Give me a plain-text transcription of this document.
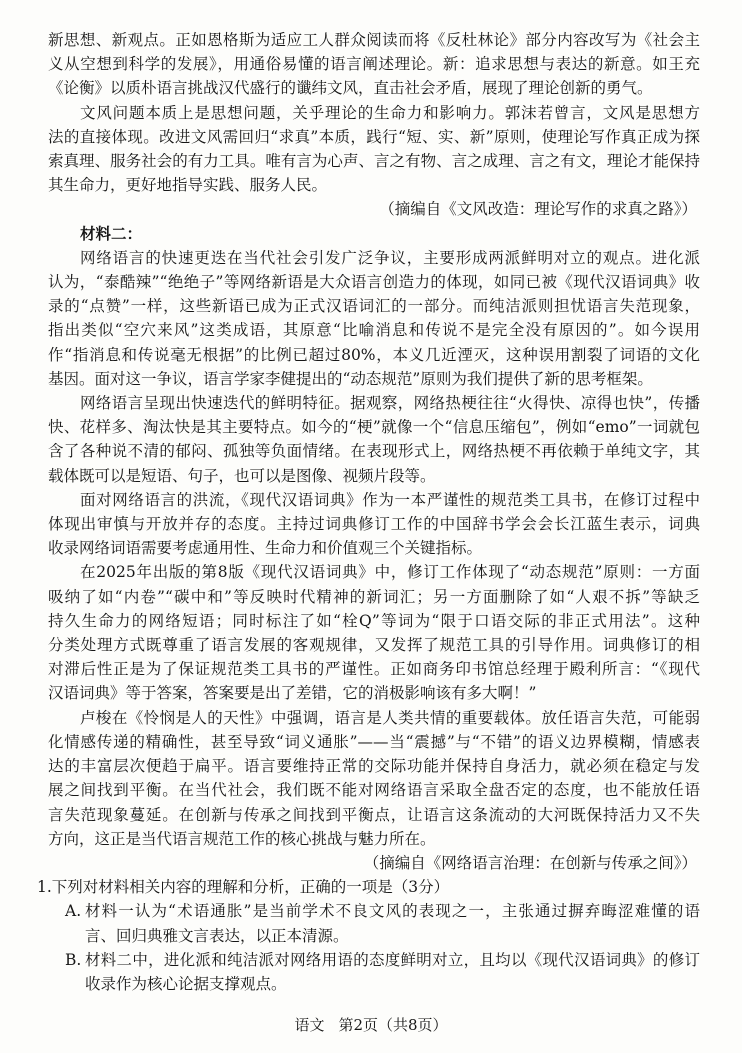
新思想、新观点。正如恩格斯为适应工人群众阅读而将《反杜林论》部分内容改写为《社会主
义从空想到科学的发展》，用通俗易懂的语言阐述理论。新：追求思想与表达的新意。如王充
《论衡》以质朴语言挑战汉代盛行的谶纬文风，直击社会矛盾，展现了理论创新的勇气。
文风问题本质上是思想问题，关乎理论的生命力和影响力。郭沫若曾言，文风是思想方
法的直接体现。改进文风需回归“求真”本质，践行“短、实、新”原则，使理论写作真正成为探
索真理、服务社会的有力工具。唯有言为心声、言之有物、言之成理、言之有文，理论才能保持
其生命力，更好地指导实践、服务人民。
（摘编自《文风改造：理论写作的求真之路》）
材料二：
网络语言的快速更迭在当代社会引发广泛争议，主要形成两派鲜明对立的观点。进化派
认为，“泰酷辣”“绝绝子”等网络新语是大众语言创造力的体现，如同已被《现代汉语词典》收
录的“点赞”一样，这些新语已成为正式汉语词汇的一部分。而纯洁派则担忧语言失范现象，
指出类似“空穴来风”这类成语，其原意“比喻消息和传说不是完全没有原因的”。如今误用
作“指消息和传说毫无根据”的比例已超过80%，本义几近湮灭，这种误用割裂了词语的文化
基因。面对这一争议，语言学家李健提出的“动态规范”原则为我们提供了新的思考框架。
网络语言呈现出快速迭代的鲜明特征。据观察，网络热梗往往“火得快、凉得也快”，传播
快、花样多、淘汰快是其主要特点。如今的“梗”就像一个“信息压缩包”，例如“emo”一词就包
含了各种说不清的郁闷、孤独等负面情绪。在表现形式上，网络热梗不再依赖于单纯文字，其
载体既可以是短语、句子，也可以是图像、视频片段等。
面对网络语言的洪流，《现代汉语词典》作为一本严谨性的规范类工具书，在修订过程中
体现出审慎与开放并存的态度。主持过词典修订工作的中国辞书学会会长江蓝生表示，词典
收录网络词语需要考虑通用性、生命力和价值观三个关键指标。
在2025年出版的第8版《现代汉语词典》中，修订工作体现了“动态规范”原则：一方面
吸纳了如“内卷”“碳中和”等反映时代精神的新词汇；另一方面删除了如“人艰不拆”等缺乏
持久生命力的网络短语；同时标注了如“栓Q”等词为“限于口语交际的非正式用法”。这种
分类处理方式既尊重了语言发展的客观规律，又发挥了规范工具的引导作用。词典修订的相
对滞后性正是为了保证规范类工具书的严谨性。正如商务印书馆总经理于殿利所言：“《现代
汉语词典》等于答案，答案要是出了差错，它的消极影响该有多大啊！”
卢梭在《怜悯是人的天性》中强调，语言是人类共情的重要载体。放任语言失范，可能弱
化情感传递的精确性，甚至导致“词义通胀”——当“震撼”与“不错”的语义边界模糊，情感表
达的丰富层次便趋于扁平。语言要维持正常的交际功能并保持自身活力，就必须在稳定与发
展之间找到平衡。在当代社会，我们既不能对网络语言采取全盘否定的态度，也不能放任语
言失范现象蔓延。在创新与传承之间找到平衡点，让语言这条流动的大河既保持活力又不失
方向，这正是当代语言规范工作的核心挑战与魅力所在。
（摘编自《网络语言治理：在创新与传承之间》）
1.下列对材料相关内容的理解和分析，正确的一项是（3分）
A. 材料一认为“术语通胀”是当前学术不良文风的表现之一，主张通过摒弃晦涩难懂的语
言、回归典雅文言表达，以正本清源。
B. 材料二中，进化派和纯洁派对网络用语的态度鲜明对立，且均以《现代汉语词典》的修订
收录作为核心论据支撑观点。
语文 第2页（共8页）
